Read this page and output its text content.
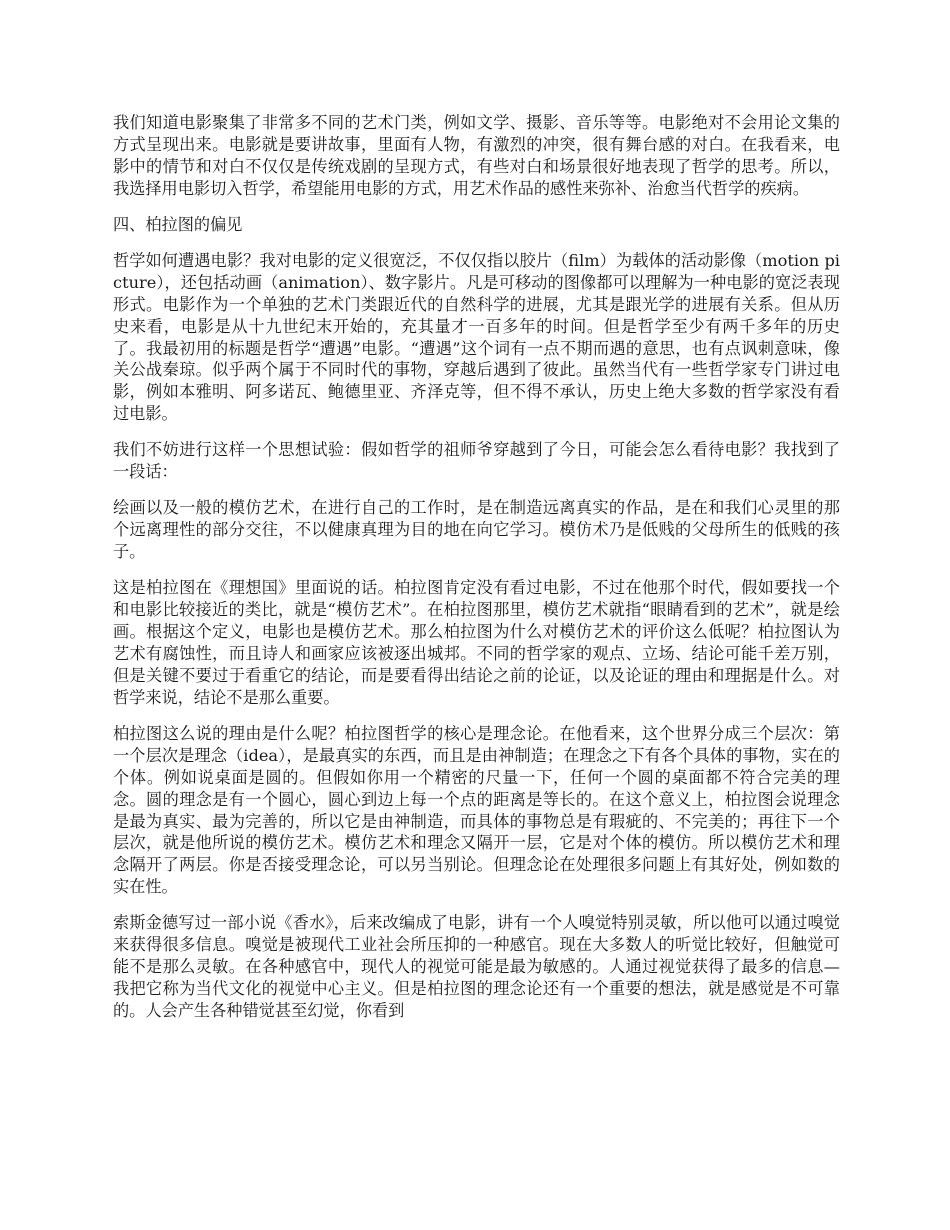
我们知道电影聚集了非常多不同的艺术门类，例如文学、摄影、音乐等等。电影绝对不会用论文集的方式呈现出来。电影就是要讲故事，里面有人物，有激烈的冲突，很有舞台感的对白。在我看来，电影中的情节和对白不仅仅是传统戏剧的呈现方式，有些对白和场景很好地表现了哲学的思考。所以，我选择用电影切入哲学，希望能用电影的方式，用艺术作品的感性来弥补、治愈当代哲学的疾病。

四、柏拉图的偏见

哲学如何遭遇电影？我对电影的定义很宽泛，不仅仅指以胶片（film）为载体的活动影像（motion picture），还包括动画（animation）、数字影片。凡是可移动的图像都可以理解为一种电影的宽泛表现形式。电影作为一个单独的艺术门类跟近代的自然科学的进展，尤其是跟光学的进展有关系。但从历史来看，电影是从十九世纪末开始的，充其量才一百多年的时间。但是哲学至少有两千多年的历史了。我最初用的标题是哲学“遭遇”电影。“遭遇”这个词有一点不期而遇的意思，也有点讽刺意味，像关公战秦琼。似乎两个属于不同时代的事物，穿越后遇到了彼此。虽然当代有一些哲学家专门讲过电影，例如本雅明、阿多诺瓦、鲍德里亚、齐泽克等，但不得不承认，历史上绝大多数的哲学家没有看过电影。

我们不妨进行这样一个思想试验：假如哲学的祖师爷穿越到了今日，可能会怎么看待电影？我找到了一段话：

绘画以及一般的模仿艺术，在进行自己的工作时，是在制造远离真实的作品，是在和我们心灵里的那个远离理性的部分交往，不以健康真理为目的地在向它学习。模仿术乃是低贱的父母所生的低贱的孩子。

这是柏拉图在《理想国》里面说的话。柏拉图肯定没有看过电影，不过在他那个时代，假如要找一个和电影比较接近的类比，就是“模仿艺术”。在柏拉图那里，模仿艺术就指“眼睛看到的艺术”，就是绘画。根据这个定义，电影也是模仿艺术。那么柏拉图为什么对模仿艺术的评价这么低呢？柏拉图认为艺术有腐蚀性，而且诗人和画家应该被逐出城邦。不同的哲学家的观点、立场、结论可能千差万别，但是关键不要过于看重它的结论，而是要看得出结论之前的论证，以及论证的理由和理据是什么。对哲学来说，结论不是那么重要。

柏拉图这么说的理由是什么呢？柏拉图哲学的核心是理念论。在他看来，这个世界分成三个层次：第一个层次是理念（idea），是最真实的东西，而且是由神制造；在理念之下有各个具体的事物，实在的个体。例如说桌面是圆的。但假如你用一个精密的尺量一下，任何一个圆的桌面都不符合完美的理念。圆的理念是有一个圆心，圆心到边上每一个点的距离是等长的。在这个意义上，柏拉图会说理念是最为真实、最为完善的，所以它是由神制造，而具体的事物总是有瑕疵的、不完美的；再往下一个层次，就是他所说的模仿艺术。模仿艺术和理念又隔开一层，它是对个体的模仿。所以模仿艺术和理念隔开了两层。你是否接受理念论，可以另当别论。但理念论在处理很多问题上有其好处，例如数的实在性。

索斯金德写过一部小说《香水》，后来改编成了电影，讲有一个人嗅觉特别灵敏，所以他可以通过嗅觉来获得很多信息。嗅觉是被现代工业社会所压抑的一种感官。现在大多数人的听觉比较好，但触觉可能不是那么灵敏。在各种感官中，现代人的视觉可能是最为敏感的。人通过视觉获得了最多的信息—我把它称为当代文化的视觉中心主义。但是柏拉图的理念论还有一个重要的想法，就是感觉是不可靠的。人会产生各种错觉甚至幻觉，你看到
